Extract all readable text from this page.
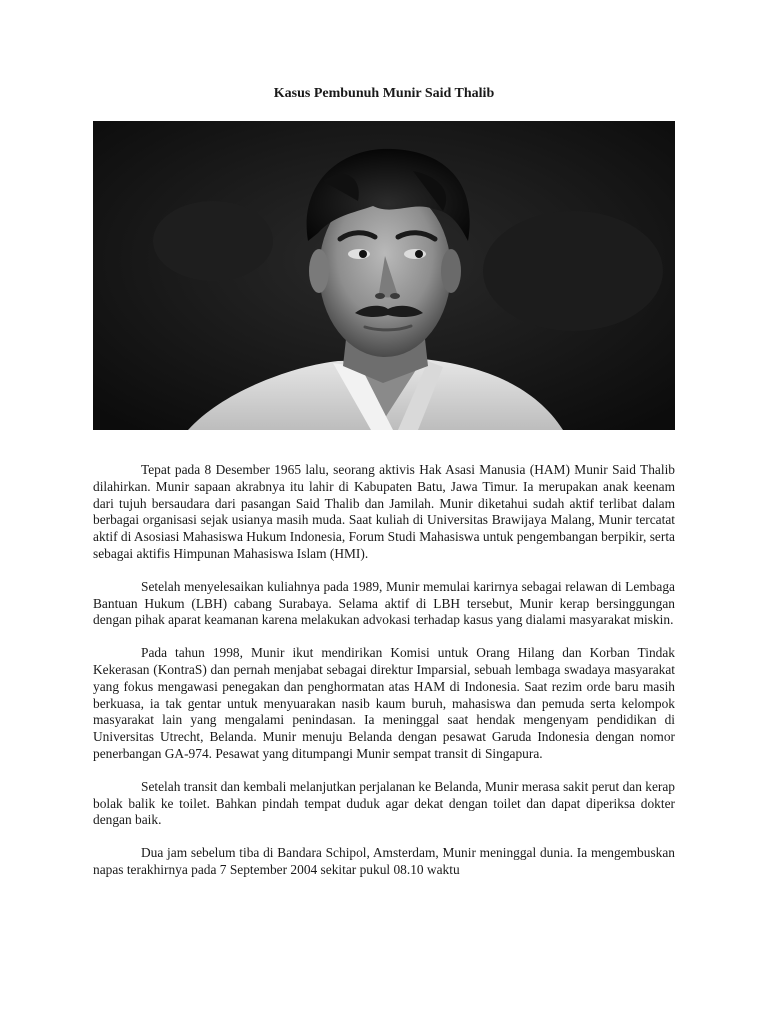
Kasus Pembunuh Munir Said Thalib

Tepat pada 8 Desember 1965 lalu, seorang aktivis Hak Asasi Manusia (HAM) Munir Said Thalib dilahirkan. Munir sapaan akrabnya itu lahir di Kabupaten Batu, Jawa Timur. Ia merupakan anak keenam dari tujuh bersaudara dari pasangan Said Thalib dan Jamilah. Munir diketahui sudah aktif terlibat dalam berbagai organisasi sejak usianya masih muda. Saat kuliah di Universitas Brawijaya Malang, Munir tercatat aktif di Asosiasi Mahasiswa Hukum Indonesia, Forum Studi Mahasiswa untuk pengembangan berpikir, serta sebagai aktifis Himpunan Mahasiswa Islam (HMI).

Setelah menyelesaikan kuliahnya pada 1989, Munir memulai karirnya sebagai relawan di Lembaga Bantuan Hukum (LBH) cabang Surabaya. Selama aktif di LBH tersebut, Munir kerap bersinggungan dengan pihak aparat keamanan karena melakukan advokasi terhadap kasus yang dialami masyarakat miskin.

Pada tahun 1998, Munir ikut mendirikan Komisi untuk Orang Hilang dan Korban Tindak Kekerasan (KontraS) dan pernah menjabat sebagai direktur Imparsial, sebuah lembaga swadaya masyarakat yang fokus mengawasi penegakan dan penghormatan atas HAM di Indonesia. Saat rezim orde baru masih berkuasa, ia tak gentar untuk menyuarakan nasib kaum buruh, mahasiswa dan pemuda serta kelompok masyarakat lain yang mengalami penindasan. Ia meninggal saat hendak mengenyam pendidikan di Universitas Utrecht, Belanda. Munir menuju Belanda dengan pesawat Garuda Indonesia dengan nomor penerbangan GA-974. Pesawat yang ditumpangi Munir sempat transit di Singapura.

Setelah transit dan kembali melanjutkan perjalanan ke Belanda, Munir merasa sakit perut dan kerap bolak balik ke toilet. Bahkan pindah tempat duduk agar dekat dengan toilet dan dapat diperiksa dokter dengan baik.

Dua jam sebelum tiba di Bandara Schipol, Amsterdam, Munir meninggal dunia. Ia mengembuskan napas terakhirnya pada 7 September 2004 sekitar pukul 08.10 waktu
